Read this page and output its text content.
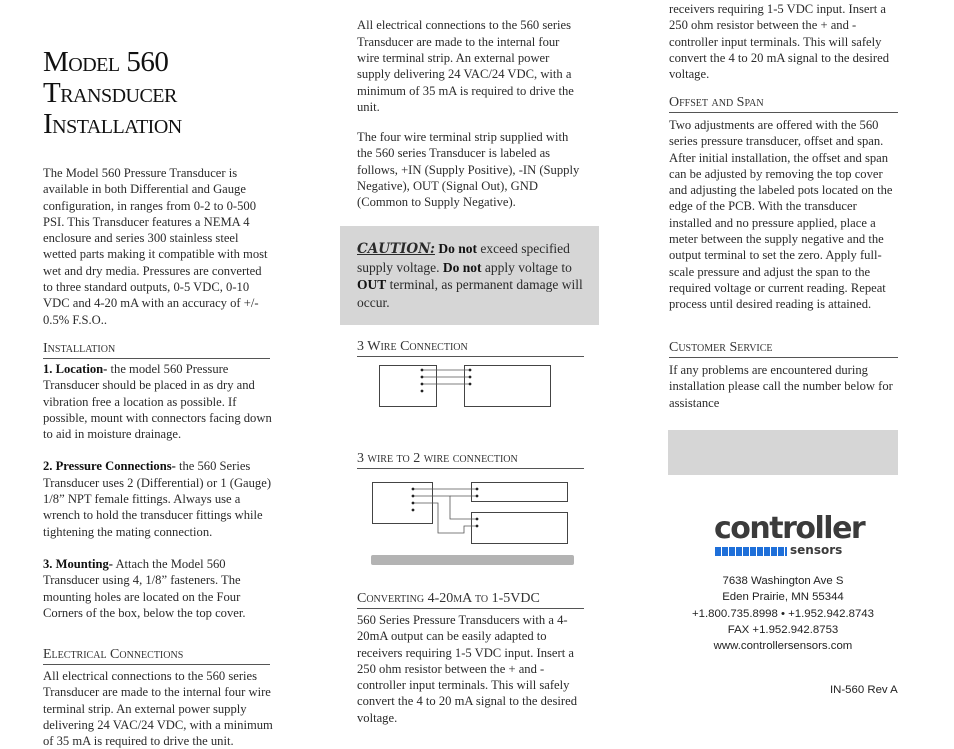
Model 560
Transducer
Installation

The Model 560 Pressure Transducer is available in both Differential and Gauge configuration, in ranges from 0-2 to 0-500 PSI. This Transducer features a NEMA 4 enclosure and series 300 stainless steel wetted parts making it compatible with most wet and dry media. Pressures are converted to three standard outputs, 0-5 VDC, 0-10 VDC and 4-20 mA with an accuracy of +/- 0.5% F.S.O..

Installation

1. Location- the model 560 Pressure Transducer should be placed in as dry and vibration free a location as possible. If possible, mount with connectors facing down to aid in moisture drainage.

2. Pressure Connections- the 560 Series Transducer uses 2 (Differential) or 1 (Gauge) 1/8” NPT female fittings. Always use a wrench to hold the transducer fittings while tightening the mating connection.

3. Mounting- Attach the Model 560 Transducer using 4, 1/8” fasteners. The mounting holes are located on the Four Corners of the box, below the top cover.

Electrical Connections

All electrical connections to the 560 series Transducer are made to the internal four wire terminal strip. An external power supply delivering 24 VAC/24 VDC, with a minimum of 35 mA is required to drive the unit.

All electrical connections to the 560 series Transducer are made to the internal four wire terminal strip. An external power supply delivering 24 VAC/24 VDC, with a minimum of 35 mA is required to drive the unit.

The four wire terminal strip supplied with the 560 series Transducer is labeled as follows, +IN (Supply Positive), -IN (Supply Negative), OUT (Signal Out), GND (Common to Supply Negative).

CAUTION: Do not exceed specified supply voltage. Do not apply voltage to OUT terminal, as permanent damage will occur.
3 Wire Connection
3 wire to 2 wire connection
Converting 4-20mA to 1-5VDC

560 Series Pressure Transducers with a 4-20mA output can be easily adapted to receivers requiring 1-5 VDC input. Insert a 250 ohm resistor between the + and - controller input terminals. This will safely convert the 4 to 20 mA signal to the desired voltage.

receivers requiring 1-5 VDC input. Insert a 250 ohm resistor between the + and - controller input terminals. This will safely convert the 4 to 20 mA signal to the desired voltage.

Offset and Span

Two adjustments are offered with the 560 series pressure transducer, offset and span. After initial installation, the offset and span can be adjusted by removing the top cover and adjusting the labeled pots located on the edge of the PCB. With the transducer installed and no pressure applied, place a meter between the supply negative and the output terminal to set the zero. Apply full-scale pressure and adjust the span to the required voltage or current reading. Repeat process until desired reading is attained.

Customer Service

If any problems are encountered during installation please call the number below for assistance

controller
sensors
7638 Washington Ave S
Eden Prairie, MN 55344
+1.800.735.8998 • +1.952.942.8743
FAX +1.952.942.8753
www.controllersensors.com
IN-560 Rev A
